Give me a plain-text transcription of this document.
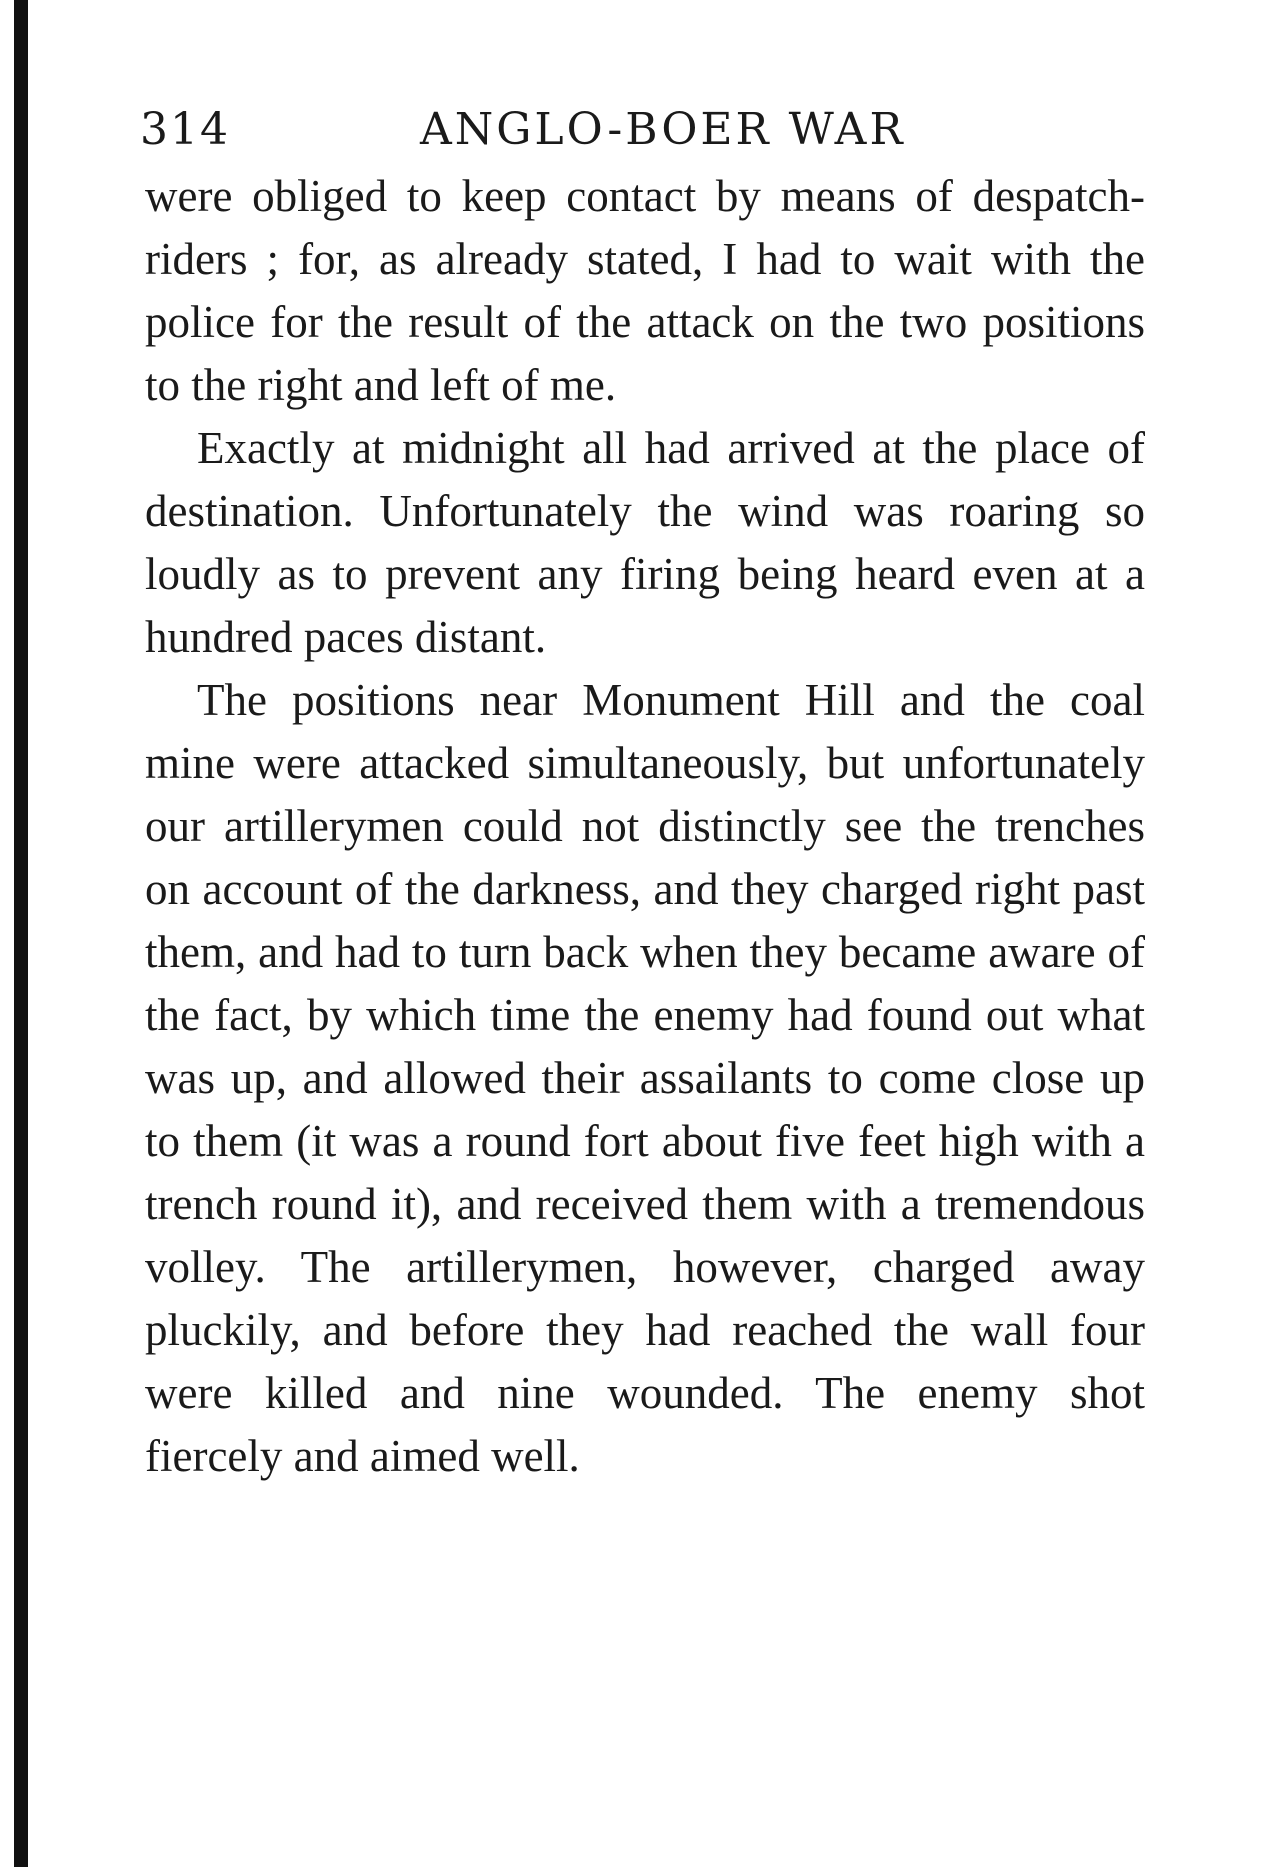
314	ANGLO-BOER WAR

were obliged to keep contact by means of despatch-riders ; for, as already stated, I had to wait with the police for the result of the attack on the two positions to the right and left of me.

Exactly at midnight all had arrived at the place of destination. Unfortunately the wind was roaring so loudly as to prevent any firing being heard even at a hundred paces distant.

The positions near Monument Hill and the coal mine were attacked simultaneously, but unfortunately our artillerymen could not distinctly see the trenches on account of the darkness, and they charged right past them, and had to turn back when they became aware of the fact, by which time the enemy had found out what was up, and allowed their assailants to come close up to them (it was a round fort about five feet high with a trench round it), and received them with a tremendous volley. The artillerymen, however, charged away pluckily, and before they had reached the wall four were killed and nine wounded. The enemy shot fiercely and aimed well.
